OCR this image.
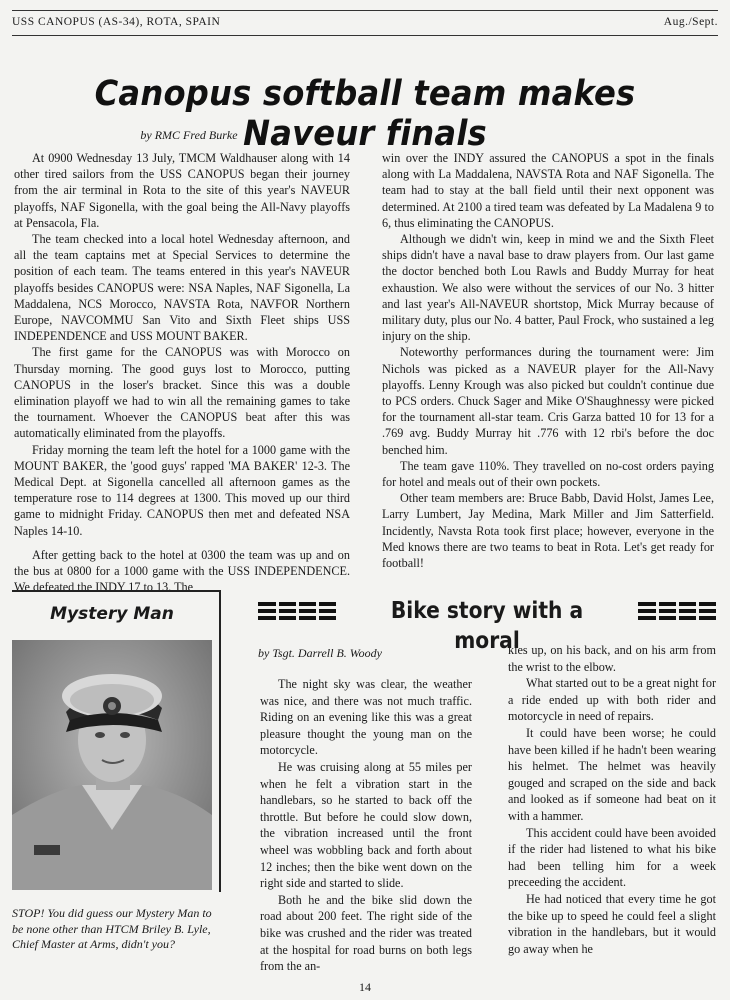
USS CANOPUS (AS-34), ROTA, SPAIN	Aug./Sept.
Canopus softball team makes Naveur finals
by RMC Fred Burke

At 0900 Wednesday 13 July, TMCM Waldhauser along with 14 other tired sailors from the USS CANOPUS began their journey from the air terminal in Rota to the site of this year's NAVEUR playoffs, NAF Sigonella, with the goal being the All-Navy playoffs at Pensacola, Fla.

The team checked into a local hotel Wednesday afternoon, and all the team captains met at Special Services to determine the position of each team. The teams entered in this year's NAVEUR playoffs besides CANOPUS were: NSA Naples, NAF Sigonella, La Maddalena, NCS Morocco, NAVSTA Rota, NAVFOR Northern Europe, NAVCOMMU San Vito and Sixth Fleet ships USS INDEPENDENCE and USS MOUNT BAKER.

The first game for the CANOPUS was with Morocco on Thursday morning. The good guys lost to Morocco, putting CANOPUS in the loser's bracket. Since this was a double elimination playoff we had to win all the remaining games to take the tournament. Whoever the CANOPUS beat after this was automatically eliminated from the playoffs.

Friday morning the team left the hotel for a 1000 game with the MOUNT BAKER, the 'good guys' rapped 'MA BAKER' 12-3. The Medical Dept. at Sigonella cancelled all afternoon games as the temperature rose to 114 degrees at 1300. This moved up our third game to midnight Friday. CANOPUS then met and defeated NSA Naples 14-10.

After getting back to the hotel at 0300 the team was up and on the bus at 0800 for a 1000 game with the USS INDEPENDENCE. We defeated the INDY 17 to 13. The

win over the INDY assured the CANOPUS a spot in the finals along with La Maddalena, NAVSTA Rota and NAF Sigonella. The team had to stay at the ball field until their next opponent was determined. At 2100 a tired team was defeated by La Madalena 9 to 6, thus eliminating the CANOPUS.

Although we didn't win, keep in mind we and the Sixth Fleet ships didn't have a naval base to draw players from. Our last game the doctor benched both Lou Rawls and Buddy Murray for heat exhaustion. We also were without the services of our No. 3 hitter and last year's All-NAVEUR shortstop, Mick Murray because of military duty, plus our No. 4 batter, Paul Frock, who sustained a leg injury on the ship.

Noteworthy performances during the tournament were: Jim Nichols was picked as a NAVEUR player for the All-Navy playoffs. Lenny Krough was also picked but couldn't continue due to PCS orders. Chuck Sager and Mike O'Shaughnessy were picked for the tournament all-star team. Cris Garza batted 10 for 13 for a .769 avg. Buddy Murray hit .776 with 12 rbi's before the doc benched him.

The team gave 110%. They travelled on no-cost orders paying for hotel and meals out of their own pockets.

Other team members are: Bruce Babb, David Holst, James Lee, Larry Lumbert, Jay Medina, Mark Miller and Jim Satterfield. Incidently, Navsta Rota took first place; however, everyone in the Med knows there are two teams to beat in Rota. Let's get ready for football!

Mystery Man
STOP! You did guess our Mystery Man to be none other than HTCM Briley B. Lyle, Chief Master at Arms, didn't you?
Bike story with a moral
by Tsgt. Darrell B. Woody

The night sky was clear, the weather was nice, and there was not much traffic. Riding on an evening like this was a great pleasure thought the young man on the motorcycle.

He was cruising along at 55 miles per when he felt a vibration start in the handlebars, so he started to back off the throttle. But before he could slow down, the vibration increased until the front wheel was wobbling back and forth about 12 inches; then the bike went down on the right side and started to slide.

Both he and the bike slid down the road about 200 feet. The right side of the bike was crushed and the rider was treated at the hospital for road burns on both legs from the an-

kles up, on his back, and on his arm from the wrist to the elbow.

What started out to be a great night for a ride ended up with both rider and motorcycle in need of repairs.

It could have been worse; he could have been killed if he hadn't been wearing his helmet. The helmet was heavily gouged and scraped on the side and back and looked as if someone had beat on it with a hammer.

This accident could have been avoided if the rider had listened to what his bike had been telling him for a week preceeding the accident.

He had noticed that every time he got the bike up to speed he could feel a slight vibration in the handlebars, but it would go away when he

14
